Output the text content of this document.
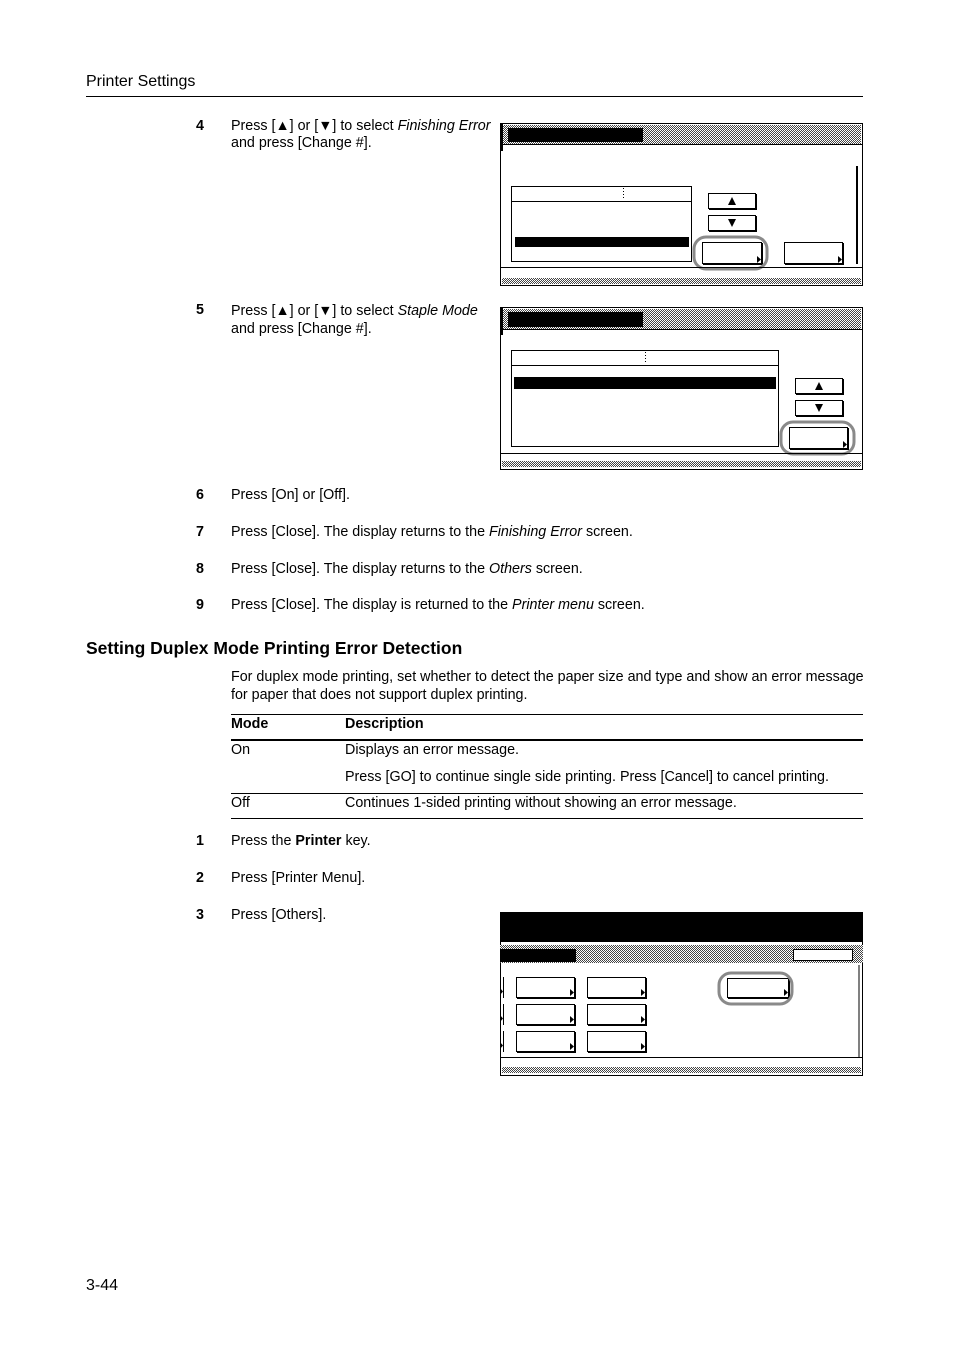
Printer Settings
4 Press [▲] or [▼] to select Finishing Error
and press [Change #].
5 Press [▲] or [▼] to select Staple Mode
and press [Change #].
6 Press [On] or [Off].
7 Press [Close]. The display returns to the Finishing Error screen.
8 Press [Close]. The display returns to the Others screen.
9 Press [Close]. The display is returned to the Printer menu screen.
Setting Duplex Mode Printing Error Detection
For duplex mode printing, set whether to detect the paper size and type and show an error message
for paper that does not support duplex printing.
Mode	Description
On	Displays an error message.
Press [GO] to continue single side printing. Press [Cancel] to cancel printing.
Off	Continues 1-sided printing without showing an error message.
1 Press the Printer key.
2 Press [Printer Menu].
3 Press [Others].
3-44
